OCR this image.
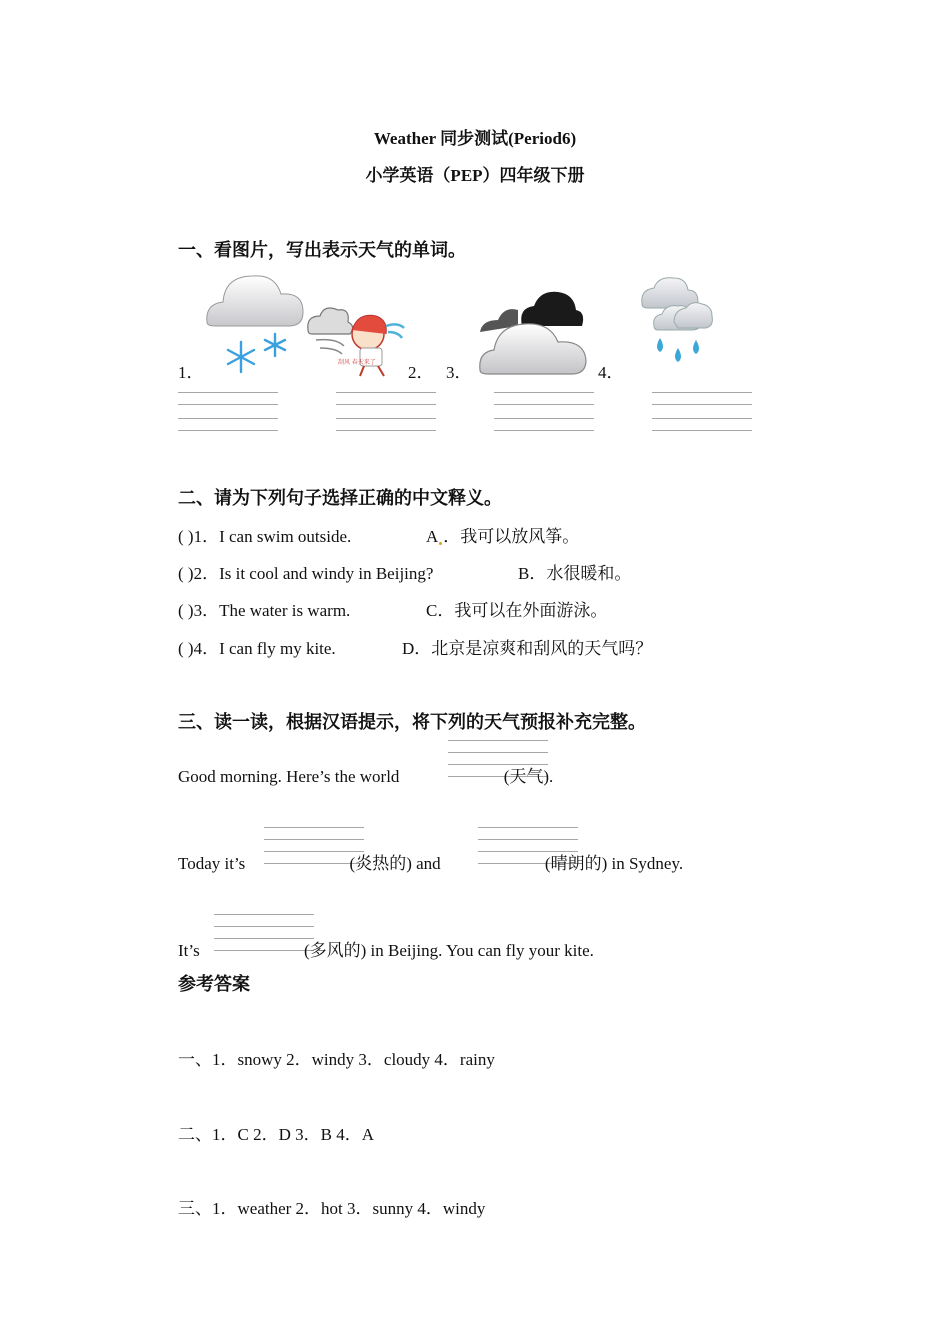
Weather 同步测试(Period6)
小学英语（PEP）四年级下册
一、看图片，写出表示天气的单词。
1．
刮风 春天来了
2． 3．	4．
二、请为下列句子选择正确的中文释义。
( )1．I can swim outside.	A ．我可以放风筝。
( )2．Is it cool and windy in Beijing?	B．水很暖和。
( )3．The water is warm.	C．我可以在外面游泳。
( )4．I can fly my kite.	D．北京是凉爽和刮风的天气吗？
三、读一读，根据汉语提示，将下列的天气预报补充完整。
Good morning. Here’s the world	(天气).
Today it’s	(炎热的) and	(晴朗的) in Sydney.
It’s	(多风的) in Beijing. You can fly your kite.
参考答案
一、1．snowy 2．windy 3．cloudy 4．rainy
二、1．C 2．D 3．B 4．A
三、1．weather 2．hot 3．sunny 4．windy
